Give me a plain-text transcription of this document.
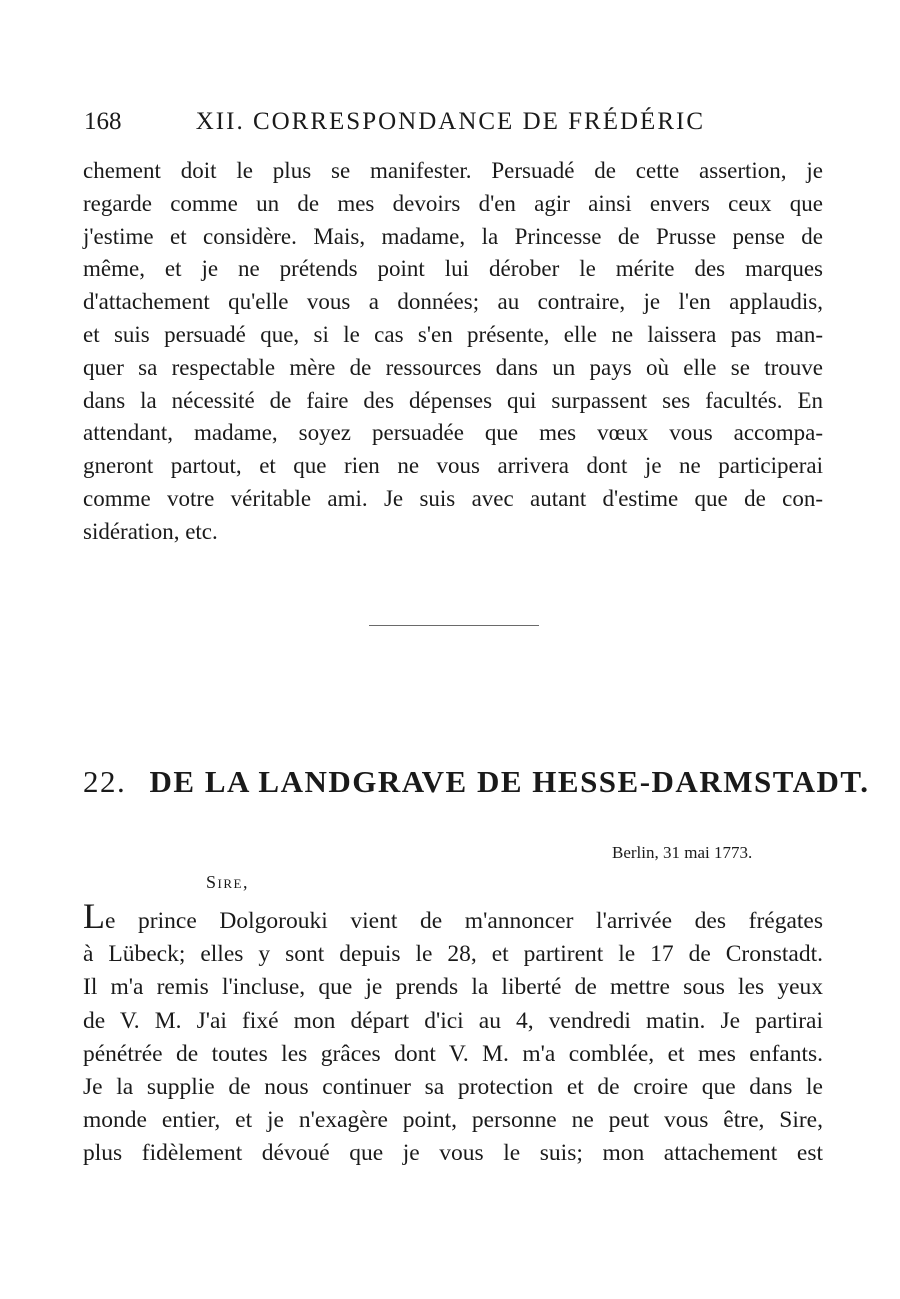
168	XII. CORRESPONDANCE DE FRÉDÉRIC
chement doit le plus se manifester. Persuadé de cette assertion, je
regarde comme un de mes devoirs d'en agir ainsi envers ceux que
j'estime et considère. Mais, madame, la Princesse de Prusse pense de
même, et je ne prétends point lui dérober le mérite des marques
d'attachement qu'elle vous a données; au contraire, je l'en applaudis,
et suis persuadé que, si le cas s'en présente, elle ne laissera pas man-
quer sa respectable mère de ressources dans un pays où elle se trouve
dans la nécessité de faire des dépenses qui surpassent ses facultés. En
attendant, madame, soyez persuadée que mes vœux vous accompa-
gneront partout, et que rien ne vous arrivera dont je ne participerai
comme votre véritable ami. Je suis avec autant d'estime que de con-
sidération, etc.
22. DE LA LANDGRAVE DE HESSE-DARMSTADT.
Berlin, 31 mai 1773.
Sire,
Le prince Dolgorouki vient de m'annoncer l'arrivée des frégates
à Lübeck; elles y sont depuis le 28, et partirent le 17 de Cronstadt.
Il m'a remis l'incluse, que je prends la liberté de mettre sous les yeux
de V. M. J'ai fixé mon départ d'ici au 4, vendredi matin. Je partirai
pénétrée de toutes les grâces dont V. M. m'a comblée, et mes enfants.
Je la supplie de nous continuer sa protection et de croire que dans le
monde entier, et je n'exagère point, personne ne peut vous être, Sire,
plus fidèlement dévoué que je vous le suis; mon attachement est
